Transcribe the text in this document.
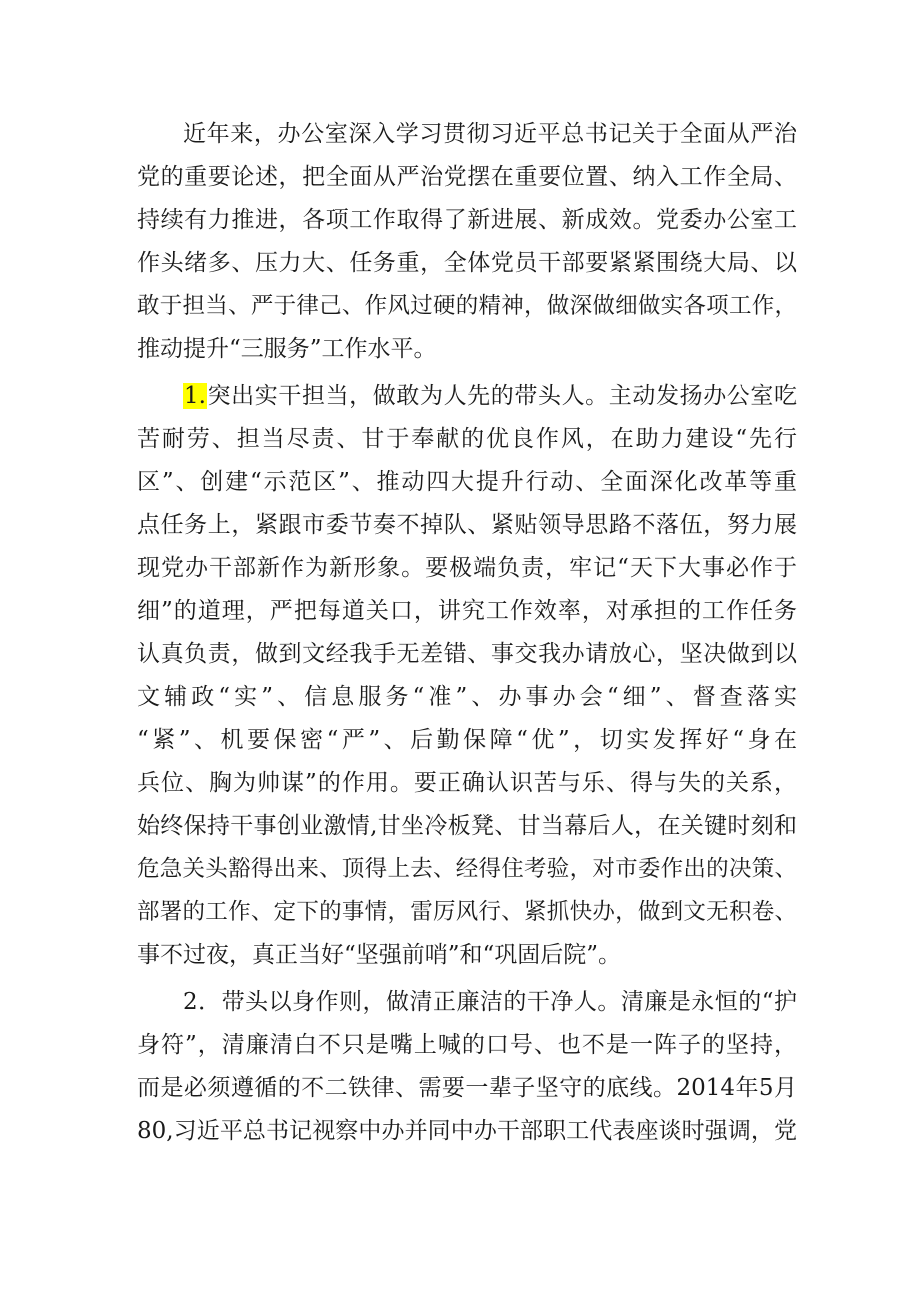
近年来，办公室深入学习贯彻习近平总书记关于全面从严治
党的重要论述，把全面从严治党摆在重要位置、纳入工作全局、
持续有力推进，各项工作取得了新进展、新成效。党委办公室工
作头绪多、压力大、任务重，全体党员干部要紧紧围绕大局、以
敢于担当、严于律己、作风过硬的精神，做深做细做实各项工作，
推动提升“三服务”工作水平。
1.突出实干担当，做敢为人先的带头人。主动发扬办公室吃
苦耐劳、担当尽责、甘于奉献的优良作风，在助力建设“先行
区”、创建“示范区”、推动四大提升行动、全面深化改革等重
点任务上，紧跟市委节奏不掉队、紧贴领导思路不落伍，努力展
现党办干部新作为新形象。要极端负责，牢记“天下大事必作于
细”的道理，严把每道关口，讲究工作效率，对承担的工作任务
认真负责，做到文经我手无差错、事交我办请放心，坚决做到以
文辅政“实”、信息服务“准”、办事办会“细”、督查落实
“紧”、机要保密“严”、后勤保障“优”，切实发挥好“身在
兵位、胸为帅谋”的作用。要正确认识苦与乐、得与失的关系，
始终保持干事创业激情,甘坐冷板凳、甘当幕后人，在关键时刻和
危急关头豁得出来、顶得上去、经得住考验，对市委作出的决策、
部署的工作、定下的事情，雷厉风行、紧抓快办，做到文无积卷、
事不过夜，真正当好“坚强前哨”和“巩固后院”。
2．带头以身作则，做清正廉洁的干净人。清廉是永恒的“护
身符”，清廉清白不只是嘴上喊的口号、也不是一阵子的坚持，
而是必须遵循的不二铁律、需要一辈子坚守的底线。2014年5月
80,习近平总书记视察中办并同中办干部职工代表座谈时强调，党
